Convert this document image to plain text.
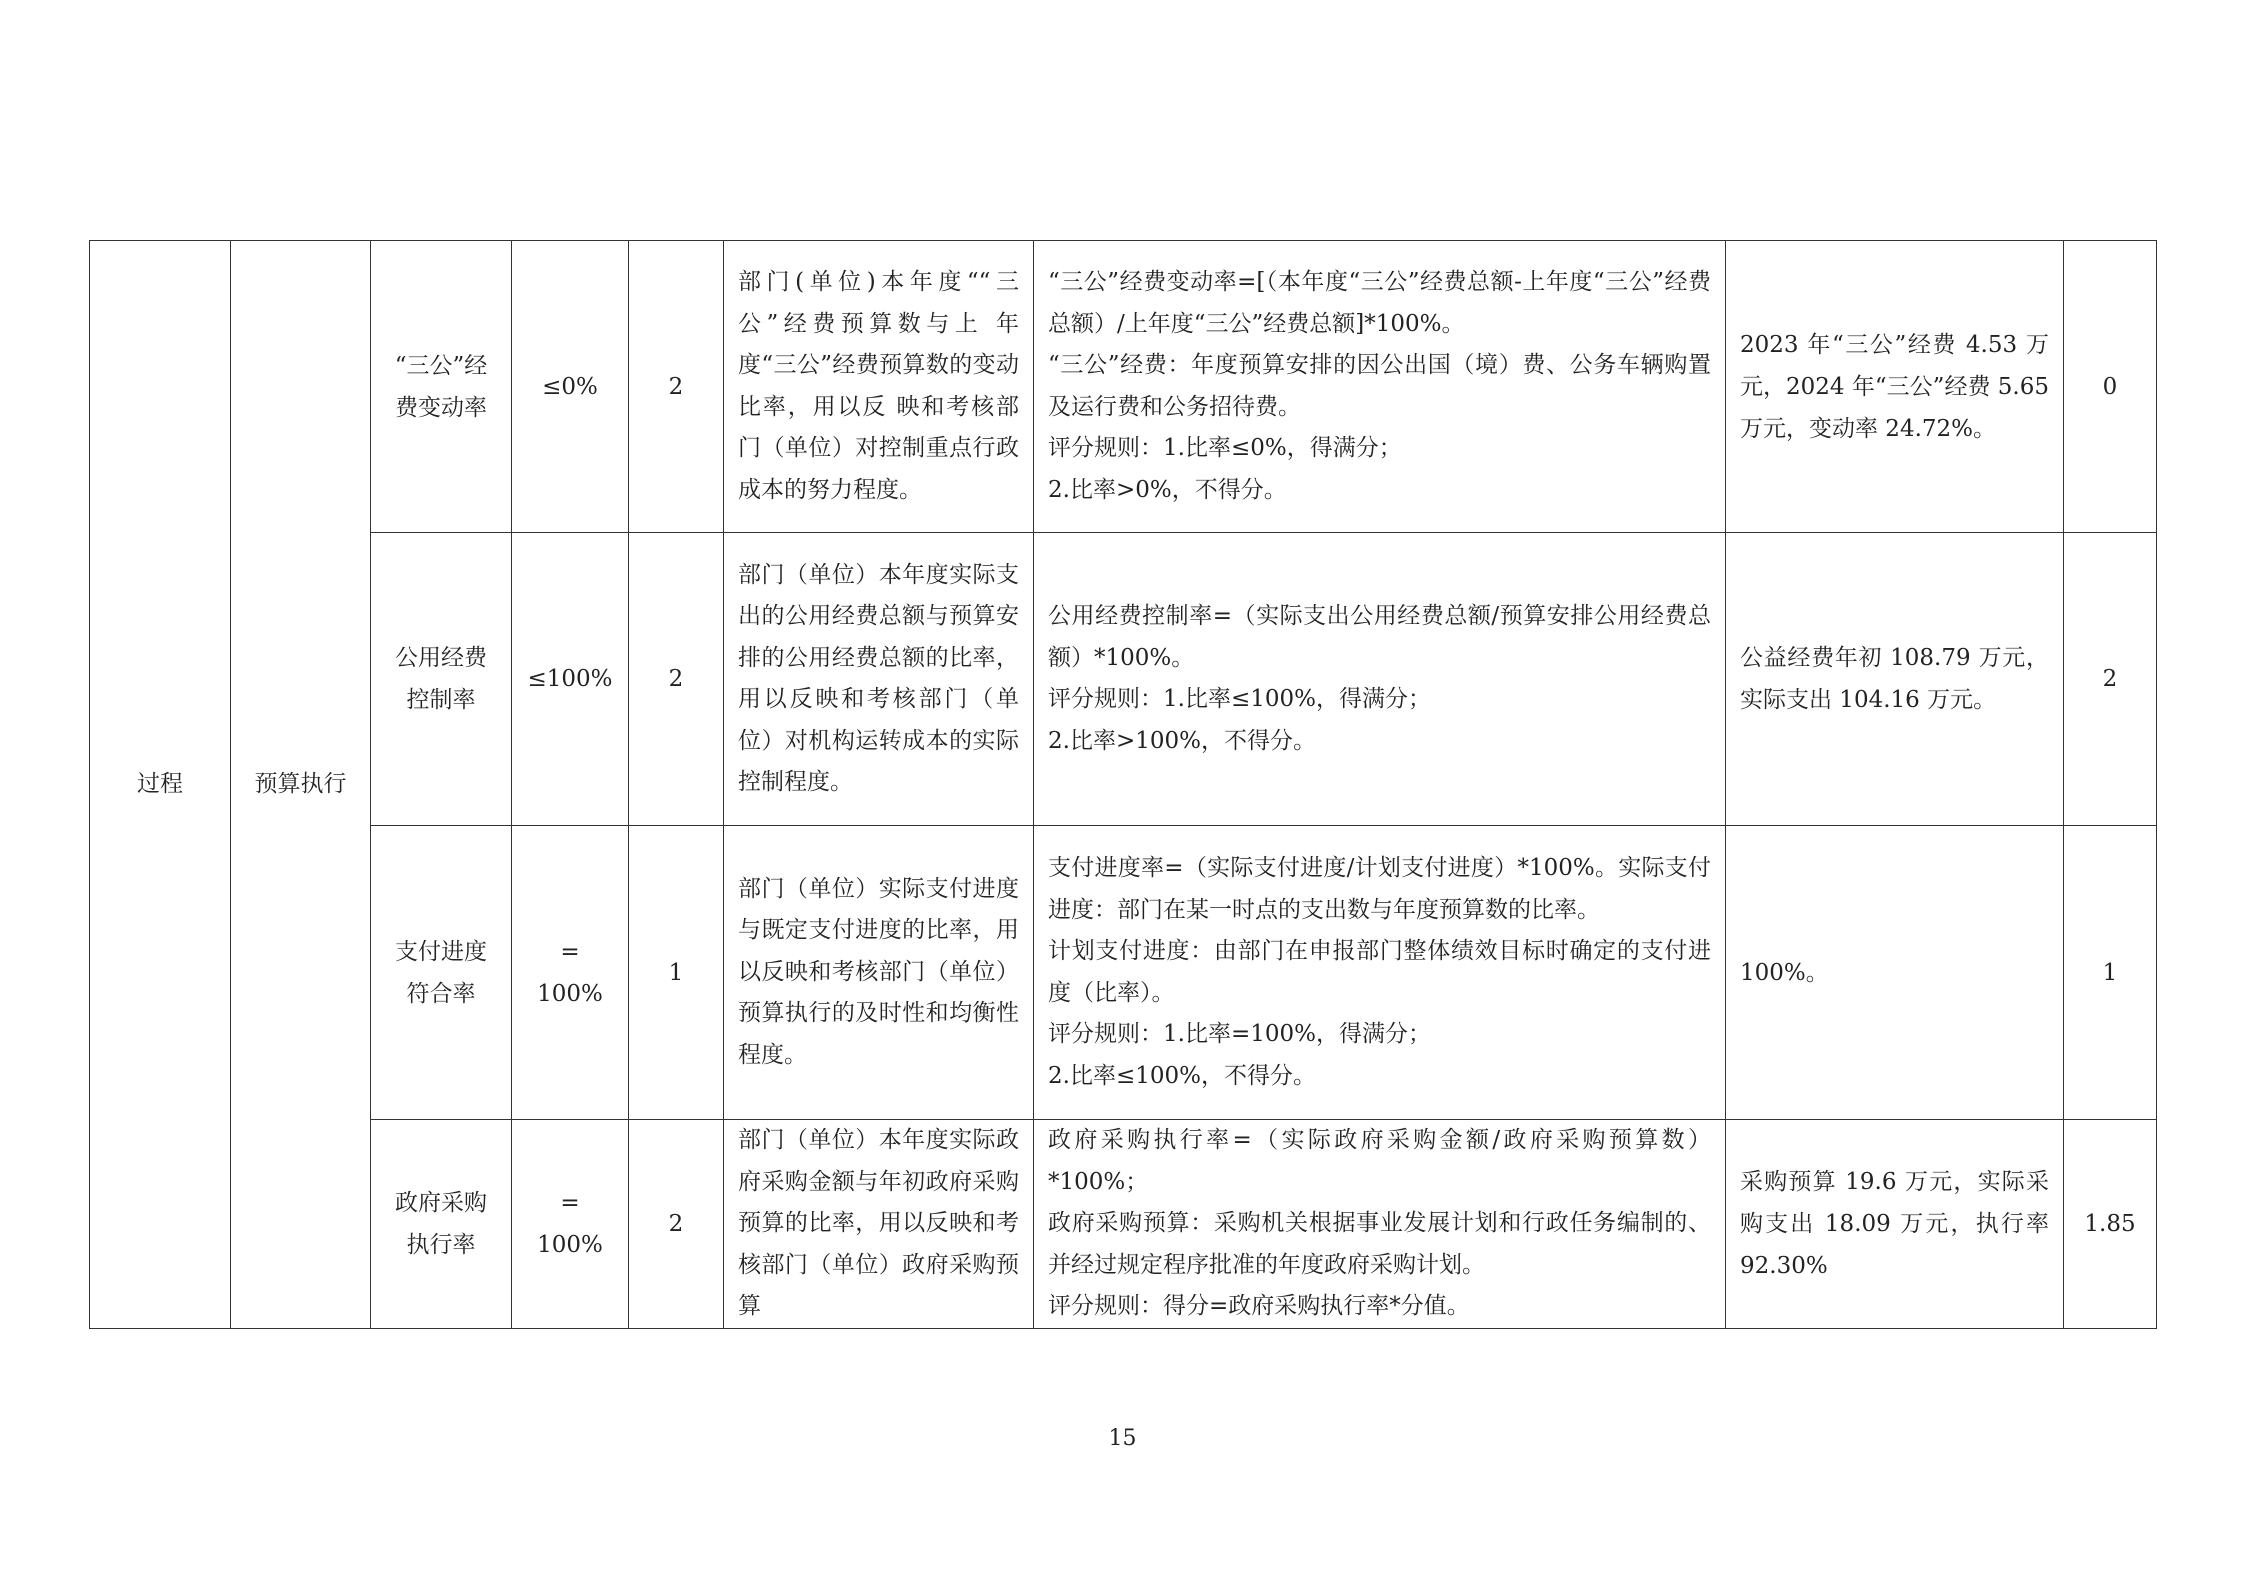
过程	预算执行	“三公”经费变动率	≤0%	2	部门(单位)本年度““三公”经费预算数与上 年度“三公”经费预算数的变动比率，用以反 映和考核部门（单位）对控制重点行政成本的努力程度。	“三公”经费变动率=[（本年度“三公”经费总额-上年度“三公”经费总额）/上年度“三公”经费总额]*100%。
“三公”经费：年度预算安排的因公出国（境）费、公务车辆购置及运行费和公务招待费。
评分规则：1.比率≤0%，得满分；
2.比率>0%，不得分。	2023 年“三公”经费 4.53 万元，2024 年“三公”经费 5.65 万元，变动率 24.72%。	0
		公用经费控制率	≤100%	2	部门（单位）本年度实际支出的公用经费总额与预算安排的公用经费总额的比率，用以反映和考核部门（单位）对机构运转成本的实际控制程度。	公用经费控制率=（实际支出公用经费总额/预算安排公用经费总额）*100%。
评分规则：1.比率≤100%，得满分；
2.比率>100%，不得分。	公益经费年初 108.79 万元，实际支出 104.16 万元。	2
		支付进度符合率	= 100%	1	部门（单位）实际支付进度与既定支付进度的比率，用以反映和考核部门（单位）预算执行的及时性和均衡性程度。	支付进度率=（实际支付进度/计划支付进度）*100%。实际支付进度：部门在某一时点的支出数与年度预算数的比率。
计划支付进度：由部门在申报部门整体绩效目标时确定的支付进度（比率）。
评分规则：1.比率=100%，得满分；
2.比率≤100%，不得分。	100%。	1
		政府采购执行率	= 100%	2	部门（单位）本年度实际政府采购金额与年初政府采购预算的比率，用以反映和考核部门（单位）政府采购预算	政府采购执行率=（实际政府采购金额/政府采购预算数）*100%；
政府采购预算：采购机关根据事业发展计划和行政任务编制的、并经过规定程序批准的年度政府采购计划。
评分规则：得分=政府采购执行率*分值。	采购预算 19.6 万元，实际采购支出 18.09 万元，执行率 92.30%	1.85
15
